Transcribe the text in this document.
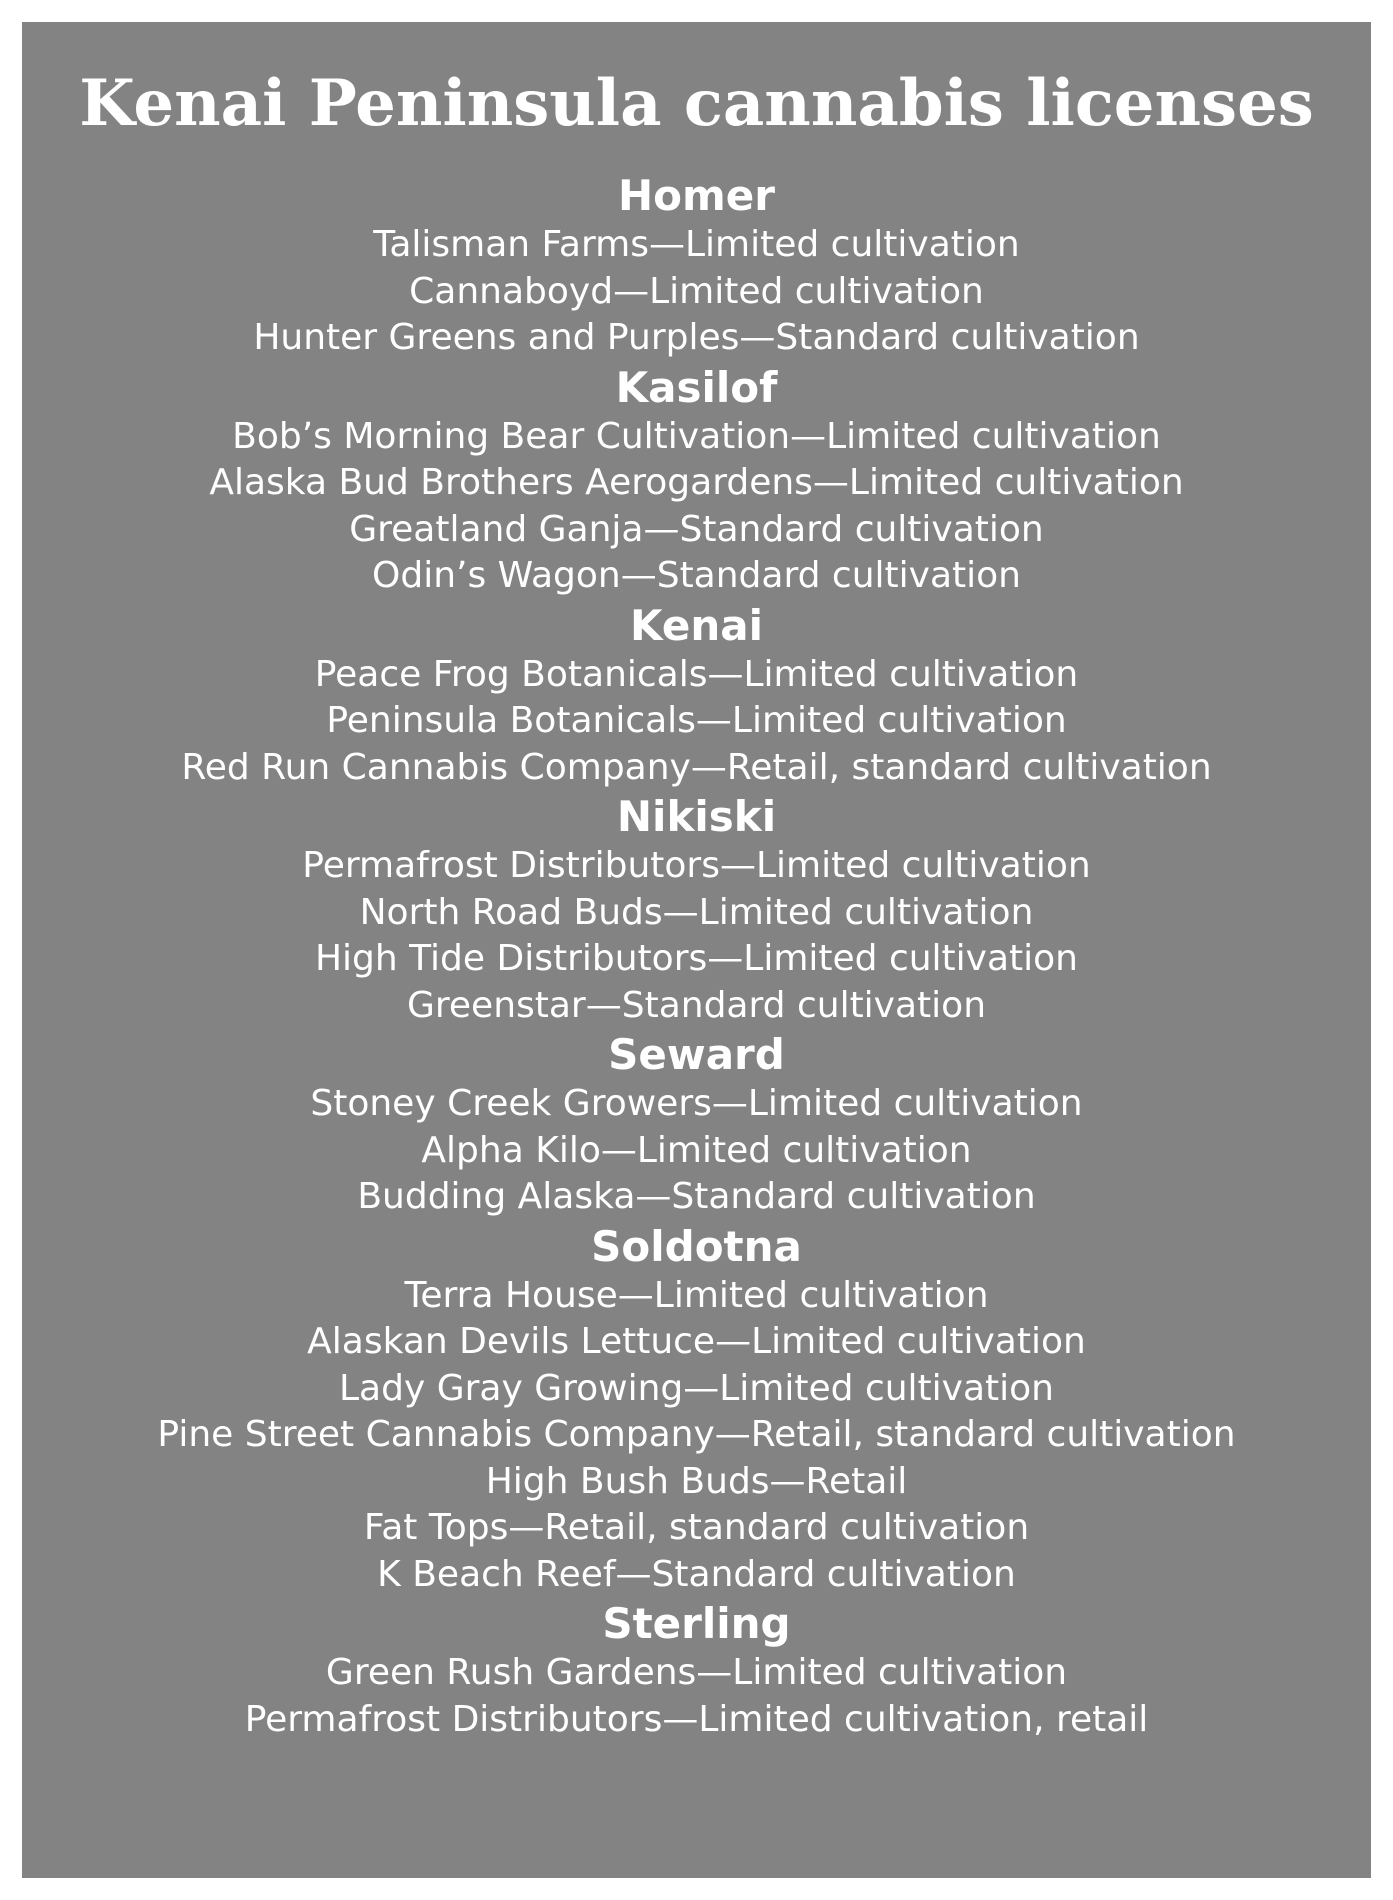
Kenai Peninsula cannabis licenses
Homer
Talisman Farms—Limited cultivation
Cannaboyd—Limited cultivation
Hunter Greens and Purples—Standard cultivation
Kasilof
Bob’s Morning Bear Cultivation—Limited cultivation
Alaska Bud Brothers Aerogardens—Limited cultivation
Greatland Ganja—Standard cultivation
Odin’s Wagon—Standard cultivation
Kenai
Peace Frog Botanicals—Limited cultivation
Peninsula Botanicals—Limited cultivation
Red Run Cannabis Company—Retail, standard cultivation
Nikiski
Permafrost Distributors—Limited cultivation
North Road Buds—Limited cultivation
High Tide Distributors—Limited cultivation
Greenstar—Standard cultivation
Seward
Stoney Creek Growers—Limited cultivation
Alpha Kilo—Limited cultivation
Budding Alaska—Standard cultivation
Soldotna
Terra House—Limited cultivation
Alaskan Devils Lettuce—Limited cultivation
Lady Gray Growing—Limited cultivation
Pine Street Cannabis Company—Retail, standard cultivation
High Bush Buds—Retail
Fat Tops—Retail, standard cultivation
K Beach Reef—Standard cultivation
Sterling
Green Rush Gardens—Limited cultivation
Permafrost Distributors—Limited cultivation, retail
